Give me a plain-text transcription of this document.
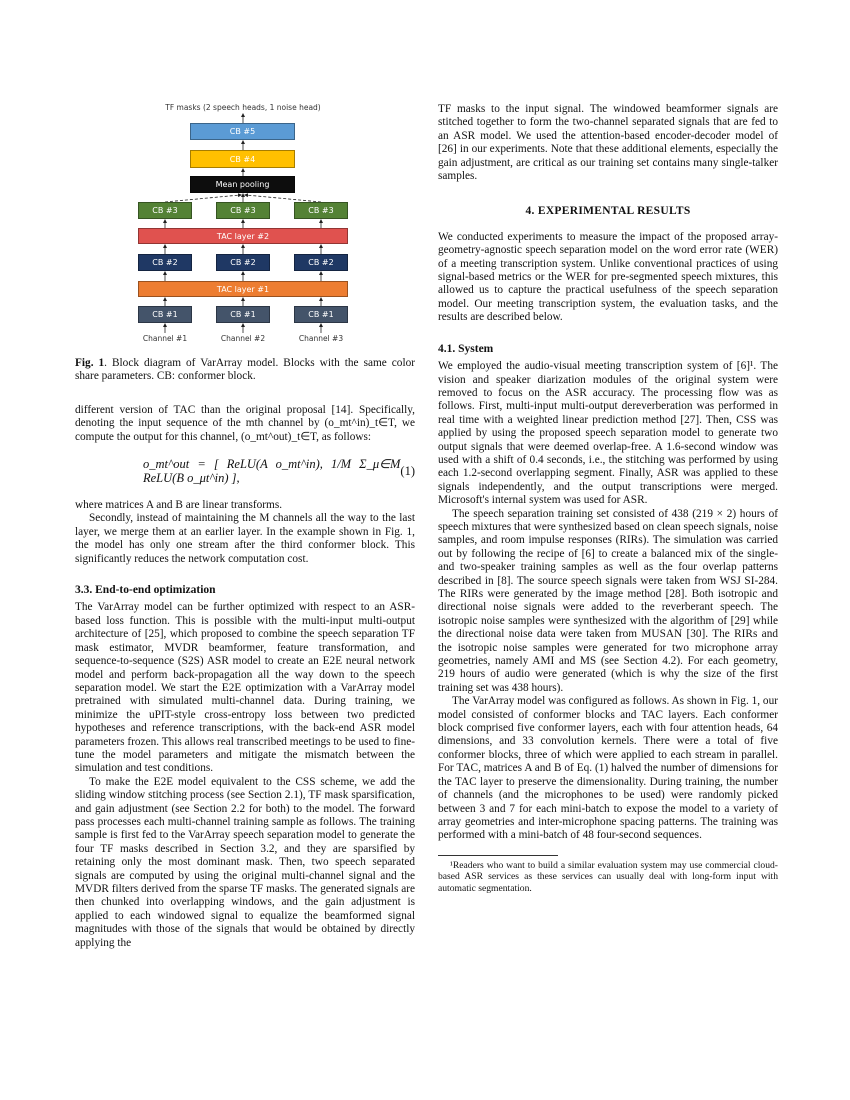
TF masks (2 speech heads, 1 noise head)
CB #5
CB #4
Mean pooling
CB #3	CB #3	CB #3
TAC layer #2
CB #2	CB #2	CB #2
TAC layer #1
CB #1	CB #1	CB #1
Channel #1	Channel #2	Channel #3
Fig. 1. Block diagram of VarArray model. Blocks with the same color share parameters. CB: conformer block.

different version of TAC than the original proposal [14]. Specifically, denoting the input sequence of the mth channel by (o_mt^in)_t∈T, we compute the output for this channel, (o_mt^out)_t∈T, as follows:

o_mt^out = [ ReLU(A o_mt^in), 1/M Σ_μ∈M ReLU(B o_μt^in) ],	(1)

where matrices A and B are linear transforms.

Secondly, instead of maintaining the M channels all the way to the last layer, we merge them at an earlier layer. In the example shown in Fig. 1, the model has only one stream after the third conformer block. This significantly reduces the network computation cost.

3.3. End-to-end optimization

The VarArray model can be further optimized with respect to an ASR-based loss function. This is possible with the multi-input multi-output architecture of [25], which proposed to combine the speech separation TF mask estimator, MVDR beamformer, feature transformation, and sequence-to-sequence (S2S) ASR model to create an E2E neural network model and perform back-propagation all the way down to the speech separation model. We start the E2E optimization with a VarArray model pretrained with simulated multi-channel data. During training, we minimize the uPIT-style cross-entropy loss between two predicted hypotheses and reference transcriptions, with the back-end ASR model parameters frozen. This allows real transcribed meetings to be used to fine-tune the model parameters and mitigate the mismatch between the simulation and test conditions.

To make the E2E model equivalent to the CSS scheme, we add the sliding window stitching process (see Section 2.1), TF mask sparsification, and gain adjustment (see Section 2.2 for both) to the model. The forward pass processes each multi-channel training sample as follows. The training sample is first fed to the VarArray speech separation model to generate the four TF masks described in Section 3.2, and they are sparsified by retaining only the most dominant mask. Then, two speech separated signals are computed by using the original multi-channel signal and the MVDR filters derived from the sparse TF masks. The generated signals are then chunked into overlapping windows, and the gain adjustment is applied to each windowed signal to equalize the beamformed signal magnitudes with those of the signals that would be obtained by directly applying the

TF masks to the input signal. The windowed beamformer signals are stitched together to form the two-channel separated signals that are fed to an ASR model. We used the attention-based encoder-decoder model of [26] in our experiments. Note that these additional elements, especially the gain adjustment, are critical as our training set contains many single-talker samples.

4. EXPERIMENTAL RESULTS

We conducted experiments to measure the impact of the proposed array-geometry-agnostic speech separation model on the word error rate (WER) of a meeting transcription system. Unlike conventional practices of using signal-based metrics or the WER for pre-segmented speech mixtures, this allowed us to capture the practical usefulness of the speech separation model. Our meeting transcription system, the evaluation tasks, and the results are described below.

4.1. System

We employed the audio-visual meeting transcription system of [6]¹. The vision and speaker diarization modules of the original system were removed to focus on the ASR accuracy. The processing flow was as follows. First, multi-input multi-output dereverberation was performed in real time with a weighted linear prediction method [27]. Then, CSS was applied by using the proposed speech separation model to generate two output signals that were deemed overlap-free. A 1.6-second window was used with a shift of 0.4 seconds, i.e., the stitching was performed by using each 1.2-second overlapping segment. Finally, ASR was applied to these signals independently, and the output transcriptions were merged. Microsoft's internal system was used for ASR.

The speech separation training set consisted of 438 (219 × 2) hours of speech mixtures that were synthesized based on clean speech signals, noise samples, and room impulse responses (RIRs). The simulation was carried out by following the recipe of [6] to create a balanced mix of the single- and two-speaker training samples as well as the four overlap patterns described in [8]. The source speech signals were taken from WSJ SI-284. The RIRs were generated by the image method [28]. Both isotropic and directional noise signals were added to the reverberant speech. The isotropic noise samples were synthesized with the algorithm of [29] while the directional noise data were taken from MUSAN [30]. The RIRs and the isotropic noise samples were generated for two microphone array geometries, namely AMI and MS (see Section 4.2). For each geometry, 219 hours of audio were generated (which is why the size of the first training set was 438 hours).

The VarArray model was configured as follows. As shown in Fig. 1, our model consisted of conformer blocks and TAC layers. Each conformer block comprised five conformer layers, each with four attention heads, 64 dimensions, and 33 convolution kernels. There were a total of five conformer blocks, three of which were applied to each stream in parallel. For TAC, matrices A and B of Eq. (1) halved the number of dimensions for the TAC layer to preserve the dimensionality. During training, the number of channels (and the microphones to be used) were randomly picked between 3 and 7 for each mini-batch to expose the model to a variety of array geometries and inter-microphone spacing patterns. The training was performed with a mini-batch of 48 four-second sequences.

¹Readers who want to build a similar evaluation system may use commercial cloud-based ASR services as these services can usually deal with long-form input with automatic segmentation.
